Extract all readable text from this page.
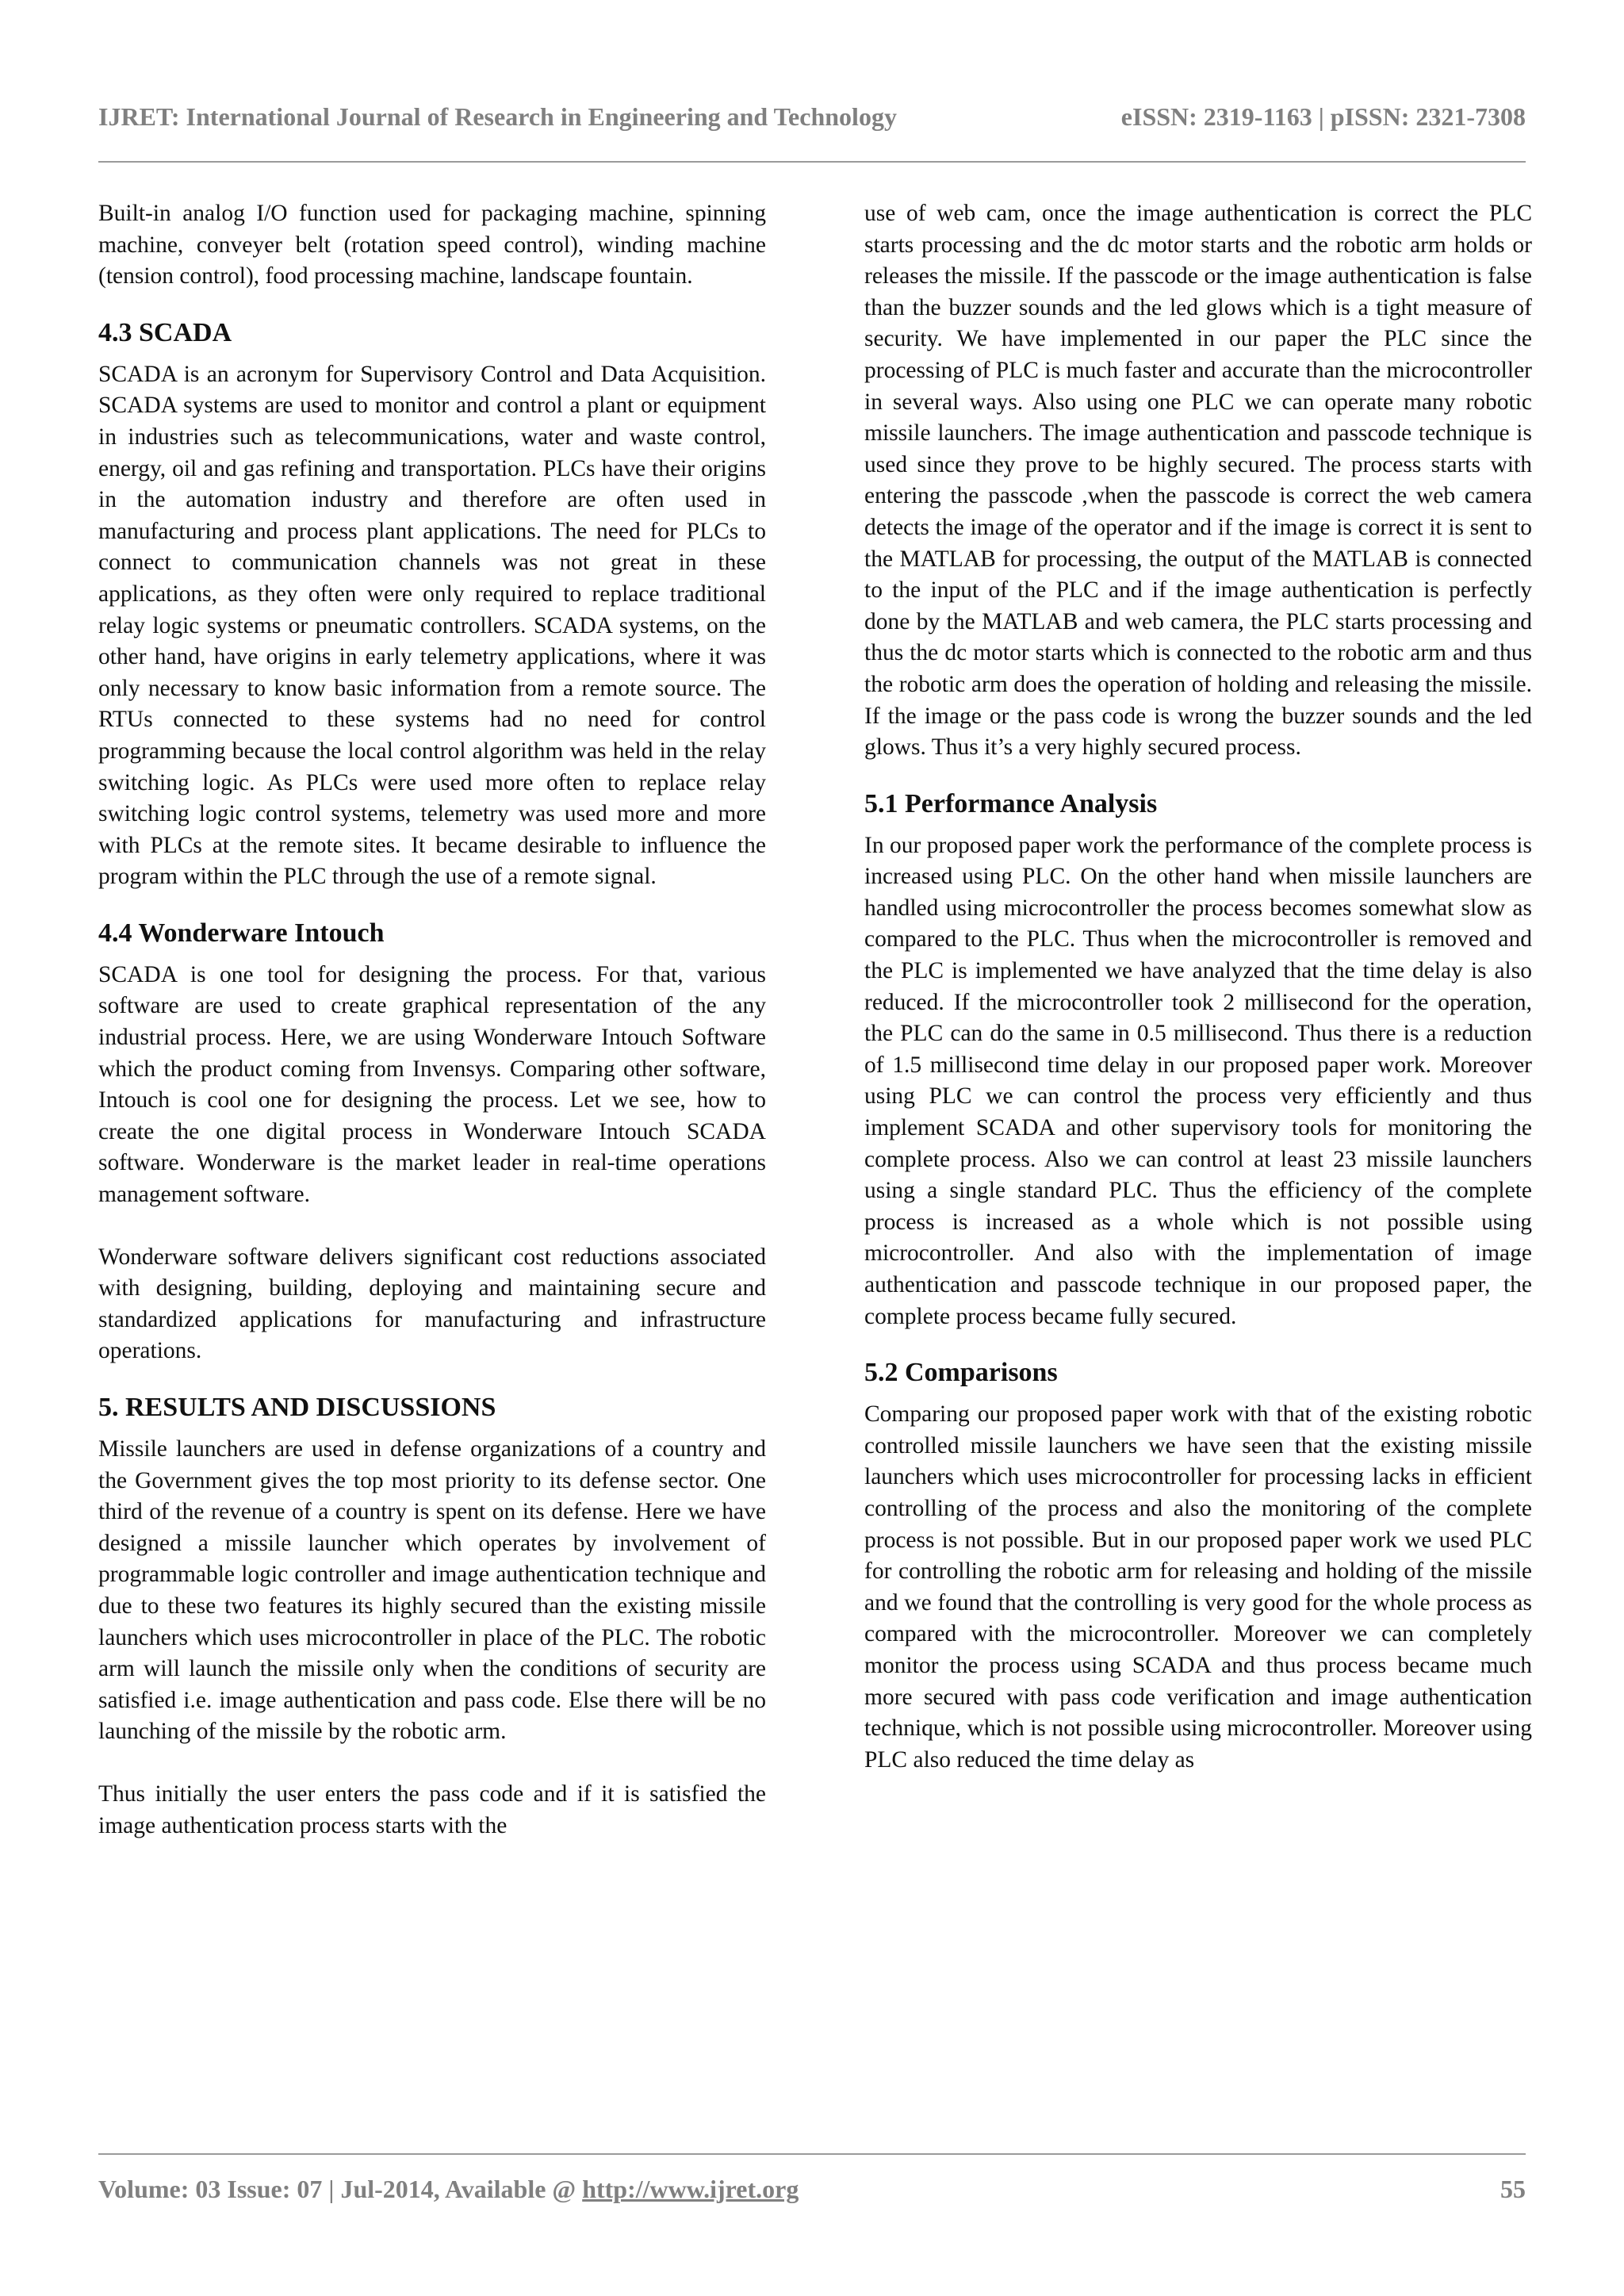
IJRET: International Journal of Research in Engineering and Technology	eISSN: 2319-1163 | pISSN: 2321-7308

Built-in analog I/O function used for packaging machine, spinning machine, conveyer belt (rotation speed control), winding machine (tension control), food processing machine, landscape fountain.

4.3 SCADA

SCADA is an acronym for Supervisory Control and Data Acquisition. SCADA systems are used to monitor and control a plant or equipment in industries such as telecommunications, water and waste control, energy, oil and gas refining and transportation. PLCs have their origins in the automation industry and therefore are often used in manufacturing and process plant applications. The need for PLCs to connect to communication channels was not great in these applications, as they often were only required to replace traditional relay logic systems or pneumatic controllers. SCADA systems, on the other hand, have origins in early telemetry applications, where it was only necessary to know basic information from a remote source. The RTUs connected to these systems had no need for control programming because the local control algorithm was held in the relay switching logic. As PLCs were used more often to replace relay switching logic control systems, telemetry was used more and more with PLCs at the remote sites. It became desirable to influence the program within the PLC through the use of a remote signal.

4.4 Wonderware Intouch

SCADA is one tool for designing the process. For that, various software are used to create graphical representation of the any industrial process. Here, we are using Wonderware Intouch Software which the product coming from Invensys. Comparing other software, Intouch is cool one for designing the process. Let we see, how to create the one digital process in Wonderware Intouch SCADA software. Wonderware is the market leader in real-time operations management software.

Wonderware software delivers significant cost reductions associated with designing, building, deploying and maintaining secure and standardized applications for manufacturing and infrastructure operations.

5. RESULTS AND DISCUSSIONS

Missile launchers are used in defense organizations of a country and the Government gives the top most priority to its defense sector. One third of the revenue of a country is spent on its defense. Here we have designed a missile launcher which operates by involvement of programmable logic controller and image authentication technique and due to these two features its highly secured than the existing missile launchers which uses microcontroller in place of the PLC. The robotic arm will launch the missile only when the conditions of security are satisfied i.e. image authentication and pass code. Else there will be no launching of the missile by the robotic arm.

Thus initially the user enters the pass code and if it is satisfied the image authentication process starts with the

use of web cam, once the image authentication is correct the PLC starts processing and the dc motor starts and the robotic arm holds or releases the missile. If the passcode or the image authentication is false than the buzzer sounds and the led glows which is a tight measure of security. We have implemented in our paper the PLC since the processing of PLC is much faster and accurate than the microcontroller in several ways. Also using one PLC we can operate many robotic missile launchers. The image authentication and passcode technique is used since they prove to be highly secured. The process starts with entering the passcode ,when the passcode is correct the web camera detects the image of the operator and if the image is correct it is sent to the MATLAB for processing, the output of the MATLAB is connected to the input of the PLC and if the image authentication is perfectly done by the MATLAB and web camera, the PLC starts processing and thus the dc motor starts which is connected to the robotic arm and thus the robotic arm does the operation of holding and releasing the missile. If the image or the pass code is wrong the buzzer sounds and the led glows. Thus it’s a very highly secured process.

5.1 Performance Analysis

In our proposed paper work the performance of the complete process is increased using PLC. On the other hand when missile launchers are handled using microcontroller the process becomes somewhat slow as compared to the PLC. Thus when the microcontroller is removed and the PLC is implemented we have analyzed that the time delay is also reduced. If the microcontroller took 2 millisecond for the operation, the PLC can do the same in 0.5 millisecond. Thus there is a reduction of 1.5 millisecond time delay in our proposed paper work. Moreover using PLC we can control the process very efficiently and thus implement SCADA and other supervisory tools for monitoring the complete process. Also we can control at least 23 missile launchers using a single standard PLC. Thus the efficiency of the complete process is increased as a whole which is not possible using microcontroller. And also with the implementation of image authentication and passcode technique in our proposed paper, the complete process became fully secured.

5.2 Comparisons

Comparing our proposed paper work with that of the existing robotic controlled missile launchers we have seen that the existing missile launchers which uses microcontroller for processing lacks in efficient controlling of the process and also the monitoring of the complete process is not possible. But in our proposed paper work we used PLC for controlling the robotic arm for releasing and holding of the missile and we found that the controlling is very good for the whole process as compared with the microcontroller. Moreover we can completely monitor the process using SCADA and thus process became much more secured with pass code verification and image authentication technique, which is not possible using microcontroller. Moreover using PLC also reduced the time delay as

Volume: 03 Issue: 07 | Jul-2014, Available @ http://www.ijret.org	55
